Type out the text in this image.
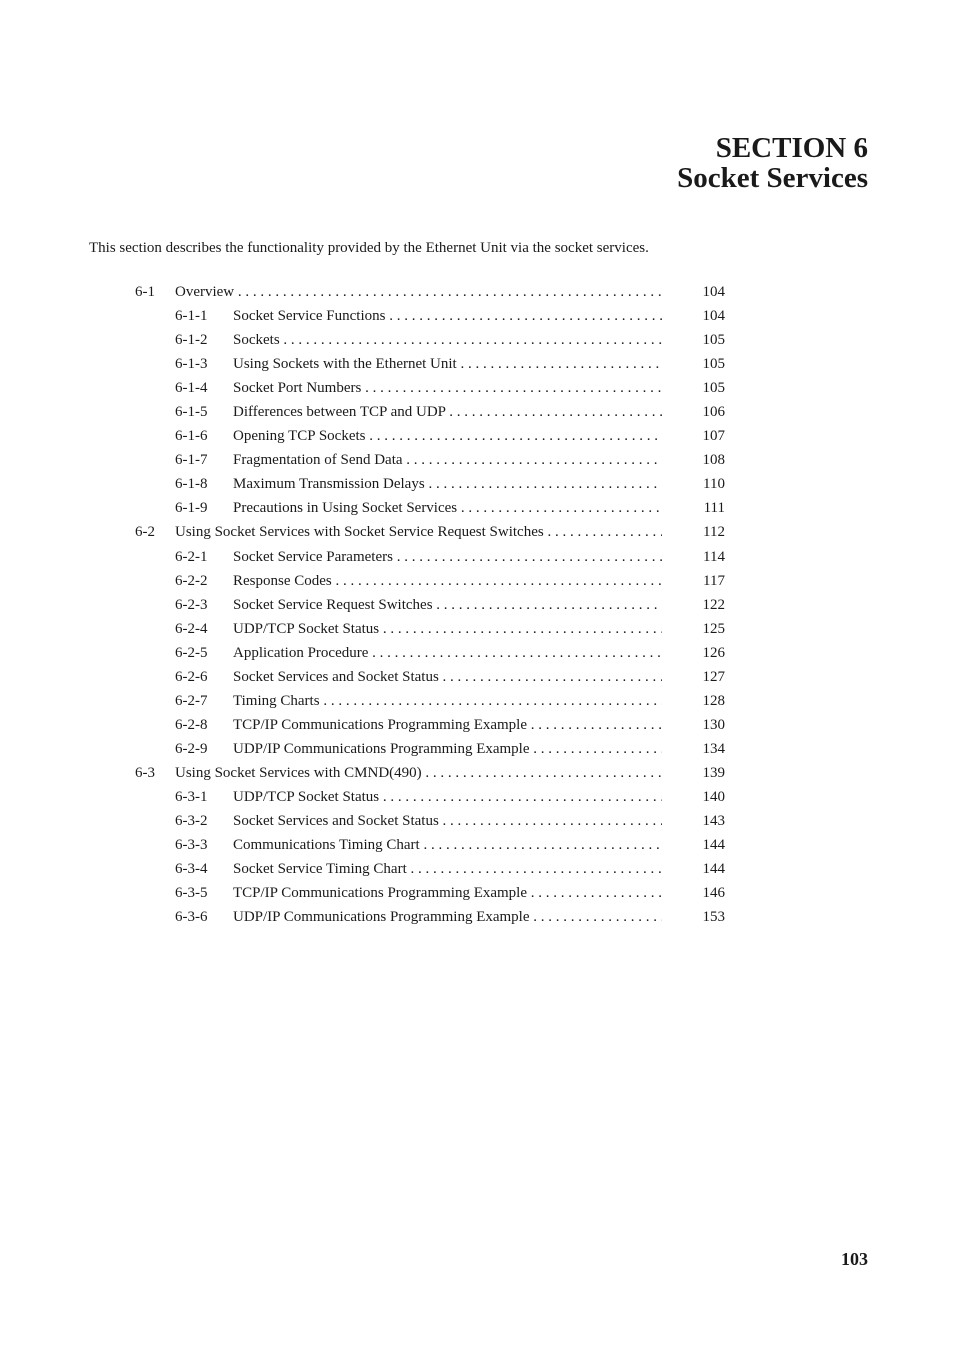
SECTION 6
Socket Services
This section describes the functionality provided by the Ethernet Unit via the socket services.
6-1 Overview . . .	104
6-1-1 Socket Service Functions . . .	104
6-1-2 Sockets . . .	105
6-1-3 Using Sockets with the Ethernet Unit . . .	105
6-1-4 Socket Port Numbers . . .	105
6-1-5 Differences between TCP and UDP . . .	106
6-1-6 Opening TCP Sockets . . .	107
6-1-7 Fragmentation of Send Data . . .	108
6-1-8 Maximum Transmission Delays . . .	110
6-1-9 Precautions in Using Socket Services . . .	111
6-2 Using Socket Services with Socket Service Request Switches . . .	112
6-2-1 Socket Service Parameters . . .	114
6-2-2 Response Codes . . .	117
6-2-3 Socket Service Request Switches . . .	122
6-2-4 UDP/TCP Socket Status . . .	125
6-2-5 Application Procedure . . .	126
6-2-6 Socket Services and Socket Status . . .	127
6-2-7 Timing Charts . . .	128
6-2-8 TCP/IP Communications Programming Example . . .	130
6-2-9 UDP/IP Communications Programming Example . . .	134
6-3 Using Socket Services with CMND(490) . . .	139
6-3-1 UDP/TCP Socket Status . . .	140
6-3-2 Socket Services and Socket Status . . .	143
6-3-3 Communications Timing Chart . . .	144
6-3-4 Socket Service Timing Chart . . .	144
6-3-5 TCP/IP Communications Programming Example . . .	146
6-3-6 UDP/IP Communications Programming Example . . .	153
103
